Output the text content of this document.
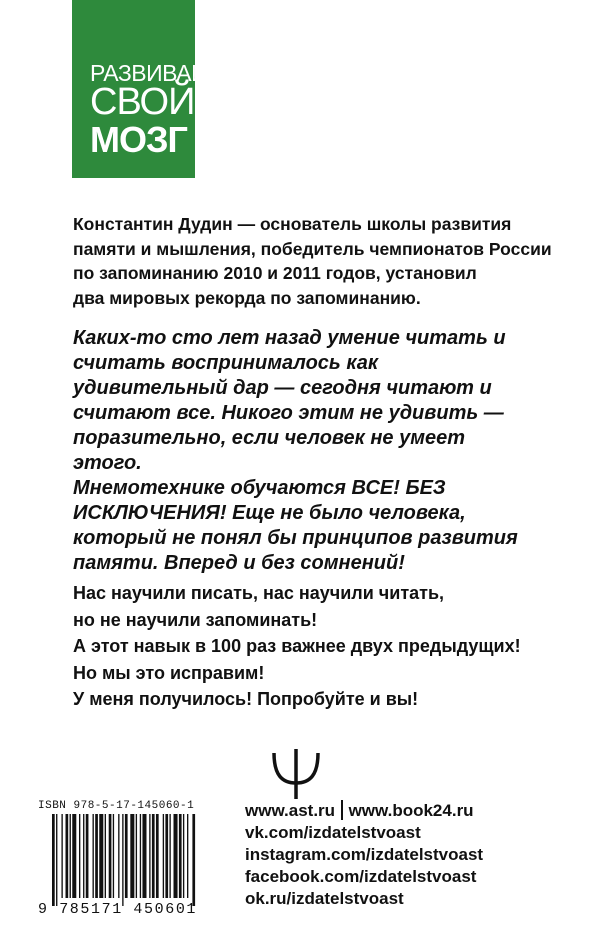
РАЗВИВАЙ
СВОЙ
МОЗГ
Константин Дудин — основатель школы развития
памяти и мышления, победитель чемпионатов России
по запоминанию 2010 и 2011 годов, установил
два мировых рекорда по запоминанию.
Каких-то сто лет назад умение читать и
считать воспринималось как
удивительный дар — сегодня читают и
считают все. Никого этим не удивить —
поразительно, если человек не умеет
этого.
Мнемотехнике обучаются ВСЕ! БЕЗ
ИСКЛЮЧЕНИЯ! Еще не было человека,
который не понял бы принципов развития
памяти. Вперед и без сомнений!
Нас научили писать, нас научили читать,
но не научили запоминать!
А этот навык в 100 раз важнее двух предыдущих!
Но мы это исправим!
У меня получилось! Попробуйте и вы!
ISBN 978-5-17-145060-1
9 785171 450601
www.ast.ru www.book24.ru
vk.com/izdatelstvoast
instagram.com/izdatelstvoast
facebook.com/izdatelstvoast
ok.ru/izdatelstvoast
